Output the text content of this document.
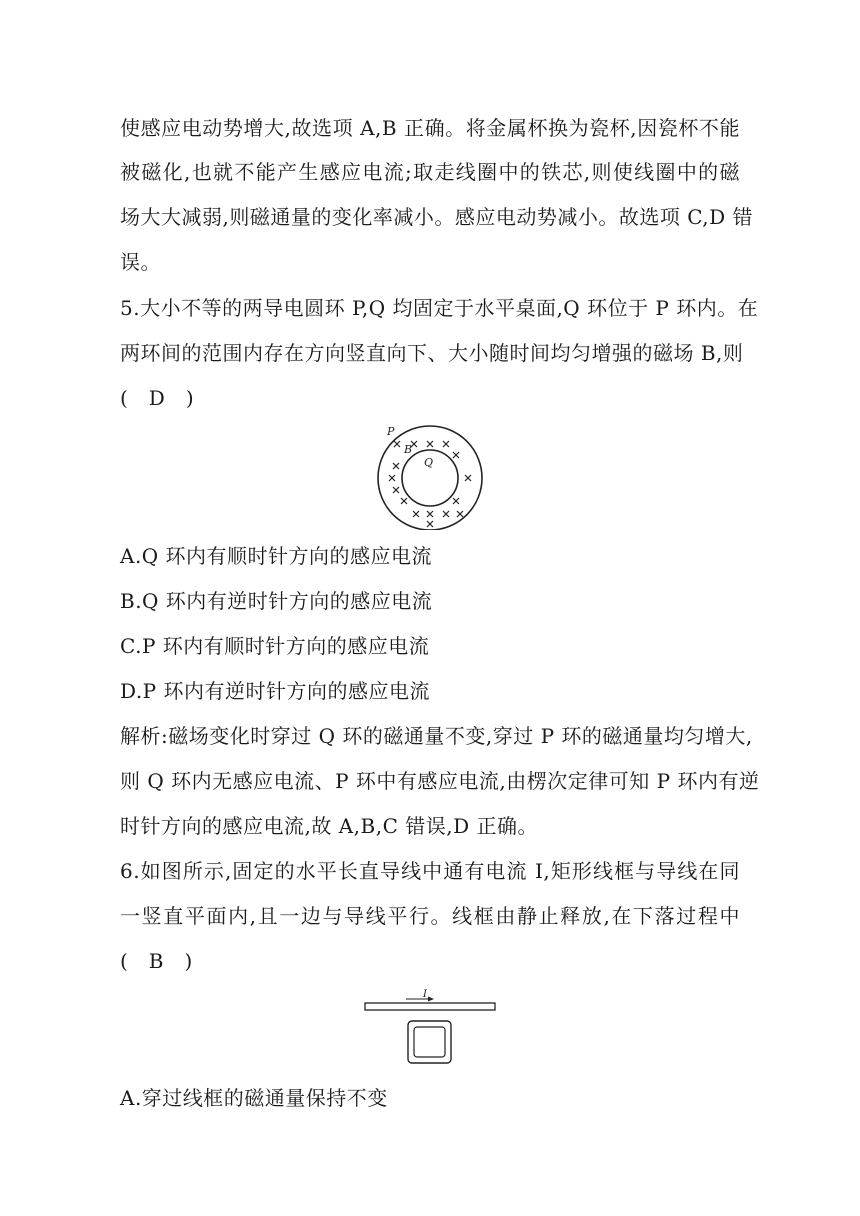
使感应电动势增大,故选项 A,B 正确。将金属杯换为瓷杯,因瓷杯不能
被磁化,也就不能产生感应电流;取走线圈中的铁芯,则使线圈中的磁
场大大减弱,则磁通量的变化率减小。感应电动势减小。故选项 C,D 错
误。
5.大小不等的两导电圆环 P,Q 均固定于水平桌面,Q 环位于 P 环内。在
两环间的范围内存在方向竖直向下、大小随时间均匀增强的磁场 B,则
(　D　)
P
B
Q
A.Q 环内有顺时针方向的感应电流
B.Q 环内有逆时针方向的感应电流
C.P 环内有顺时针方向的感应电流
D.P 环内有逆时针方向的感应电流
解析:磁场变化时穿过 Q 环的磁通量不变,穿过 P 环的磁通量均匀增大,
则 Q 环内无感应电流、P 环中有感应电流,由楞次定律可知 P 环内有逆
时针方向的感应电流,故 A,B,C 错误,D 正确。
6.如图所示,固定的水平长直导线中通有电流 I,矩形线框与导线在同
一竖直平面内,且一边与导线平行。线框由静止释放,在下落过程中
(　B　)
I
A.穿过线框的磁通量保持不变
